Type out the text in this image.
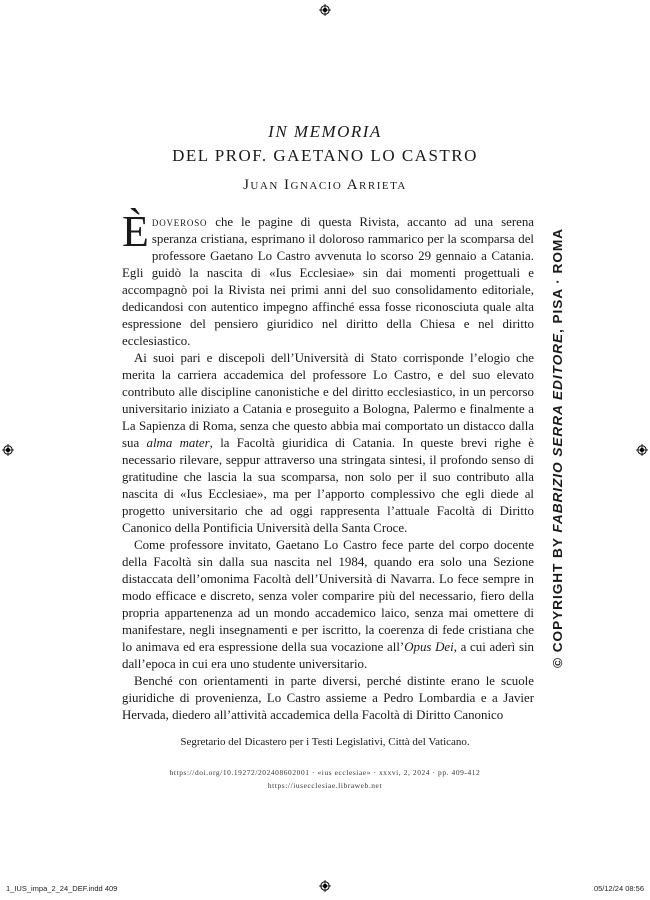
IN MEMORIA
DEL PROF. GAETANO LO CASTRO
Juan Ignacio Arrieta

Èdoveroso che le pagine di questa Rivista, accanto ad una serena speranza cristiana, esprimano il doloroso rammarico per la scomparsa del professore Gaetano Lo Castro avvenuta lo scorso 29 gennaio a Catania. Egli guidò la nascita di «Ius Ecclesiae» sin dai momenti progettuali e accompagnò poi la Rivista nei primi anni del suo consolidamento editoriale, dedicandosi con autentico impegno affinché essa fosse riconosciuta quale alta espressione del pensiero giuridico nel diritto della Chiesa e nel diritto ecclesiastico.

Ai suoi pari e discepoli dell’Università di Stato corrisponde l’elogio che merita la carriera accademica del professore Lo Castro, e del suo elevato contributo alle discipline canonistiche e del diritto ecclesiastico, in un percorso universitario iniziato a Catania e proseguito a Bologna, Palermo e finalmente a La Sapienza di Roma, senza che questo abbia mai comportato un distacco dalla sua alma mater, la Facoltà giuridica di Catania. In queste brevi righe è necessario rilevare, seppur attraverso una stringata sintesi, il profondo senso di gratitudine che lascia la sua scomparsa, non solo per il suo contributo alla nascita di «Ius Ecclesiae», ma per l’apporto complessivo che egli diede al progetto universitario che ad oggi rappresenta l’attuale Facoltà di Diritto Canonico della Pontificia Università della Santa Croce.

Come professore invitato, Gaetano Lo Castro fece parte del corpo docente della Facoltà sin dalla sua nascita nel 1984, quando era solo una Sezione distaccata dell’omonima Facoltà dell’Università di Navarra. Lo fece sempre in modo efficace e discreto, senza voler comparire più del necessario, fiero della propria appartenenza ad un mondo accademico laico, senza mai omettere di manifestare, negli insegnamenti e per iscritto, la coerenza di fede cristiana che lo animava ed era espressione della sua vocazione all’Opus Dei, a cui aderì sin dall’epoca in cui era uno studente universitario.

Benché con orientamenti in parte diversi, perché distinte erano le scuole giuridiche di provenienza, Lo Castro assieme a Pedro Lombardia e a Javier Hervada, diedero all’attività accademica della Facoltà di Diritto Canonico

© COPYRIGHT BY FABRIZIO SERRA EDITORE, PISA · ROMA
Segretario del Dicastero per i Testi Legislativi, Città del Vaticano.
https://doi.org/10.19272/202408602001 · «ius ecclesiae» · xxxvi, 2, 2024 · pp. 409-412
https://iusecclesiae.libraweb.net
1_IUS_impa_2_24_DEF.indd 409	05/12/24 08:56
